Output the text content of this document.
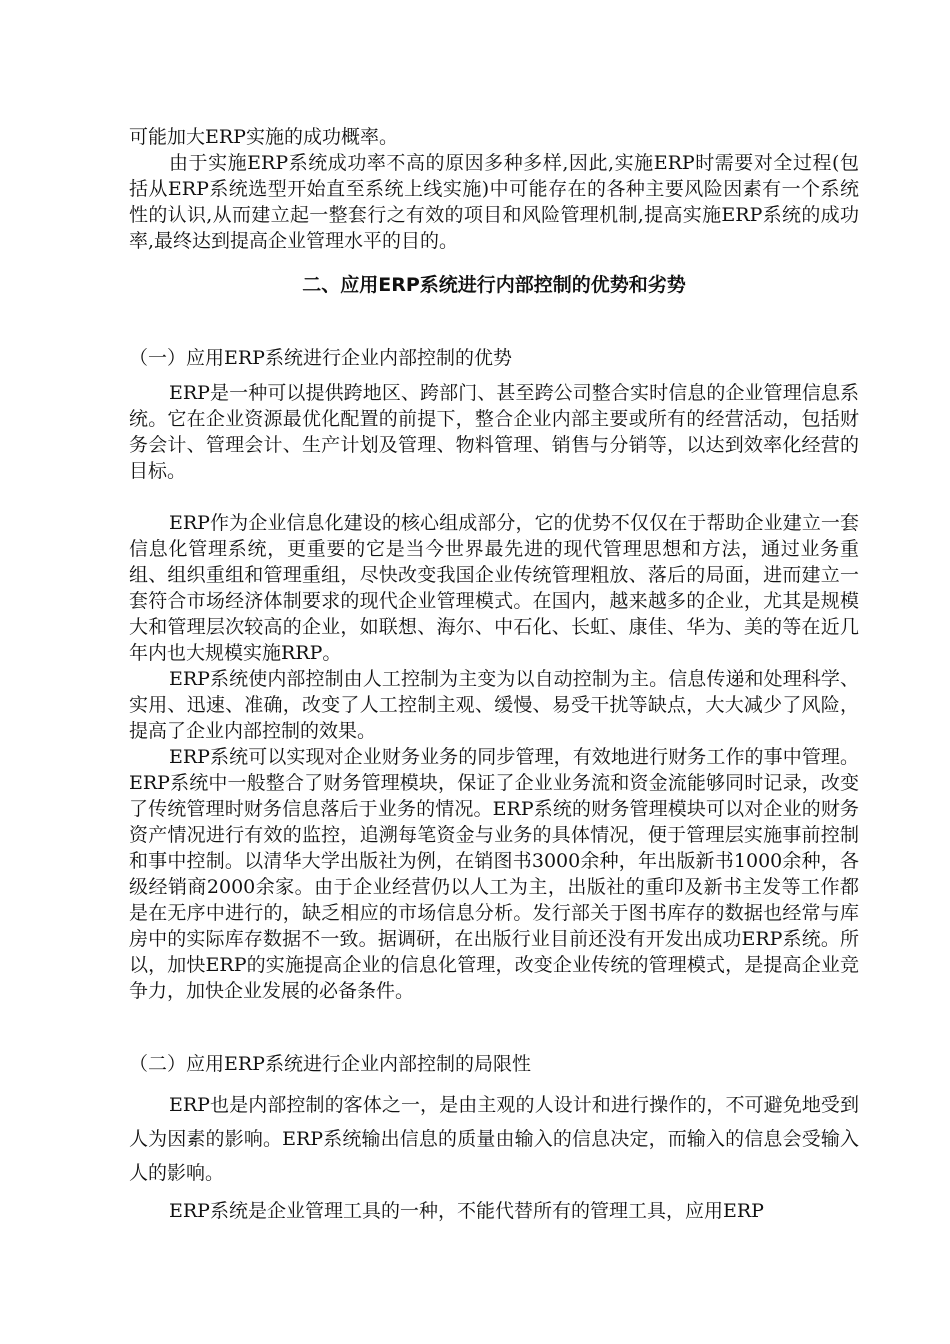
可能加大ERP实施的成功概率。

由于实施ERP系统成功率不高的原因多种多样,因此,实施ERP时需要对全过程(包括从ERP系统选型开始直至系统上线实施)中可能存在的各种主要风险因素有一个系统性的认识,从而建立起一整套行之有效的项目和风险管理机制,提高实施ERP系统的成功率,最终达到提高企业管理水平的目的。

二、应用ERP系统进行内部控制的优势和劣势

（一）应用ERP系统进行企业内部控制的优势

ERP是一种可以提供跨地区、跨部门、甚至跨公司整合实时信息的企业管理信息系统。它在企业资源最优化配置的前提下，整合企业内部主要或所有的经营活动，包括财务会计、管理会计、生产计划及管理、物料管理、销售与分销等，以达到效率化经营的目标。

ERP作为企业信息化建设的核心组成部分，它的优势不仅仅在于帮助企业建立一套信息化管理系统，更重要的它是当今世界最先进的现代管理思想和方法，通过业务重组、组织重组和管理重组，尽快改变我国企业传统管理粗放、落后的局面，进而建立一套符合市场经济体制要求的现代企业管理模式。在国内，越来越多的企业，尤其是规模大和管理层次较高的企业，如联想、海尔、中石化、长虹、康佳、华为、美的等在近几年内也大规模实施RRP。

ERP系统使内部控制由人工控制为主变为以自动控制为主。信息传递和处理科学、实用、迅速、准确，改变了人工控制主观、缓慢、易受干扰等缺点，大大减少了风险，提高了企业内部控制的效果。

ERP系统可以实现对企业财务业务的同步管理，有效地进行财务工作的事中管理。ERP系统中一般整合了财务管理模块，保证了企业业务流和资金流能够同时记录，改变了传统管理时财务信息落后于业务的情况。ERP系统的财务管理模块可以对企业的财务资产情况进行有效的监控，追溯每笔资金与业务的具体情况，便于管理层实施事前控制和事中控制。以清华大学出版社为例，在销图书3000余种，年出版新书1000余种，各级经销商2000余家。由于企业经营仍以人工为主，出版社的重印及新书主发等工作都是在无序中进行的，缺乏相应的市场信息分析。发行部关于图书库存的数据也经常与库房中的实际库存数据不一致。据调研，在出版行业目前还没有开发出成功ERP系统。所以，加快ERP的实施提高企业的信息化管理，改变企业传统的管理模式，是提高企业竞争力，加快企业发展的必备条件。

（二）应用ERP系统进行企业内部控制的局限性

ERP也是内部控制的客体之一，是由主观的人设计和进行操作的，不可避免地受到人为因素的影响。ERP系统输出信息的质量由输入的信息决定，而输入的信息会受输入人的影响。

ERP系统是企业管理工具的一种，不能代替所有的管理工具，应用ERP
